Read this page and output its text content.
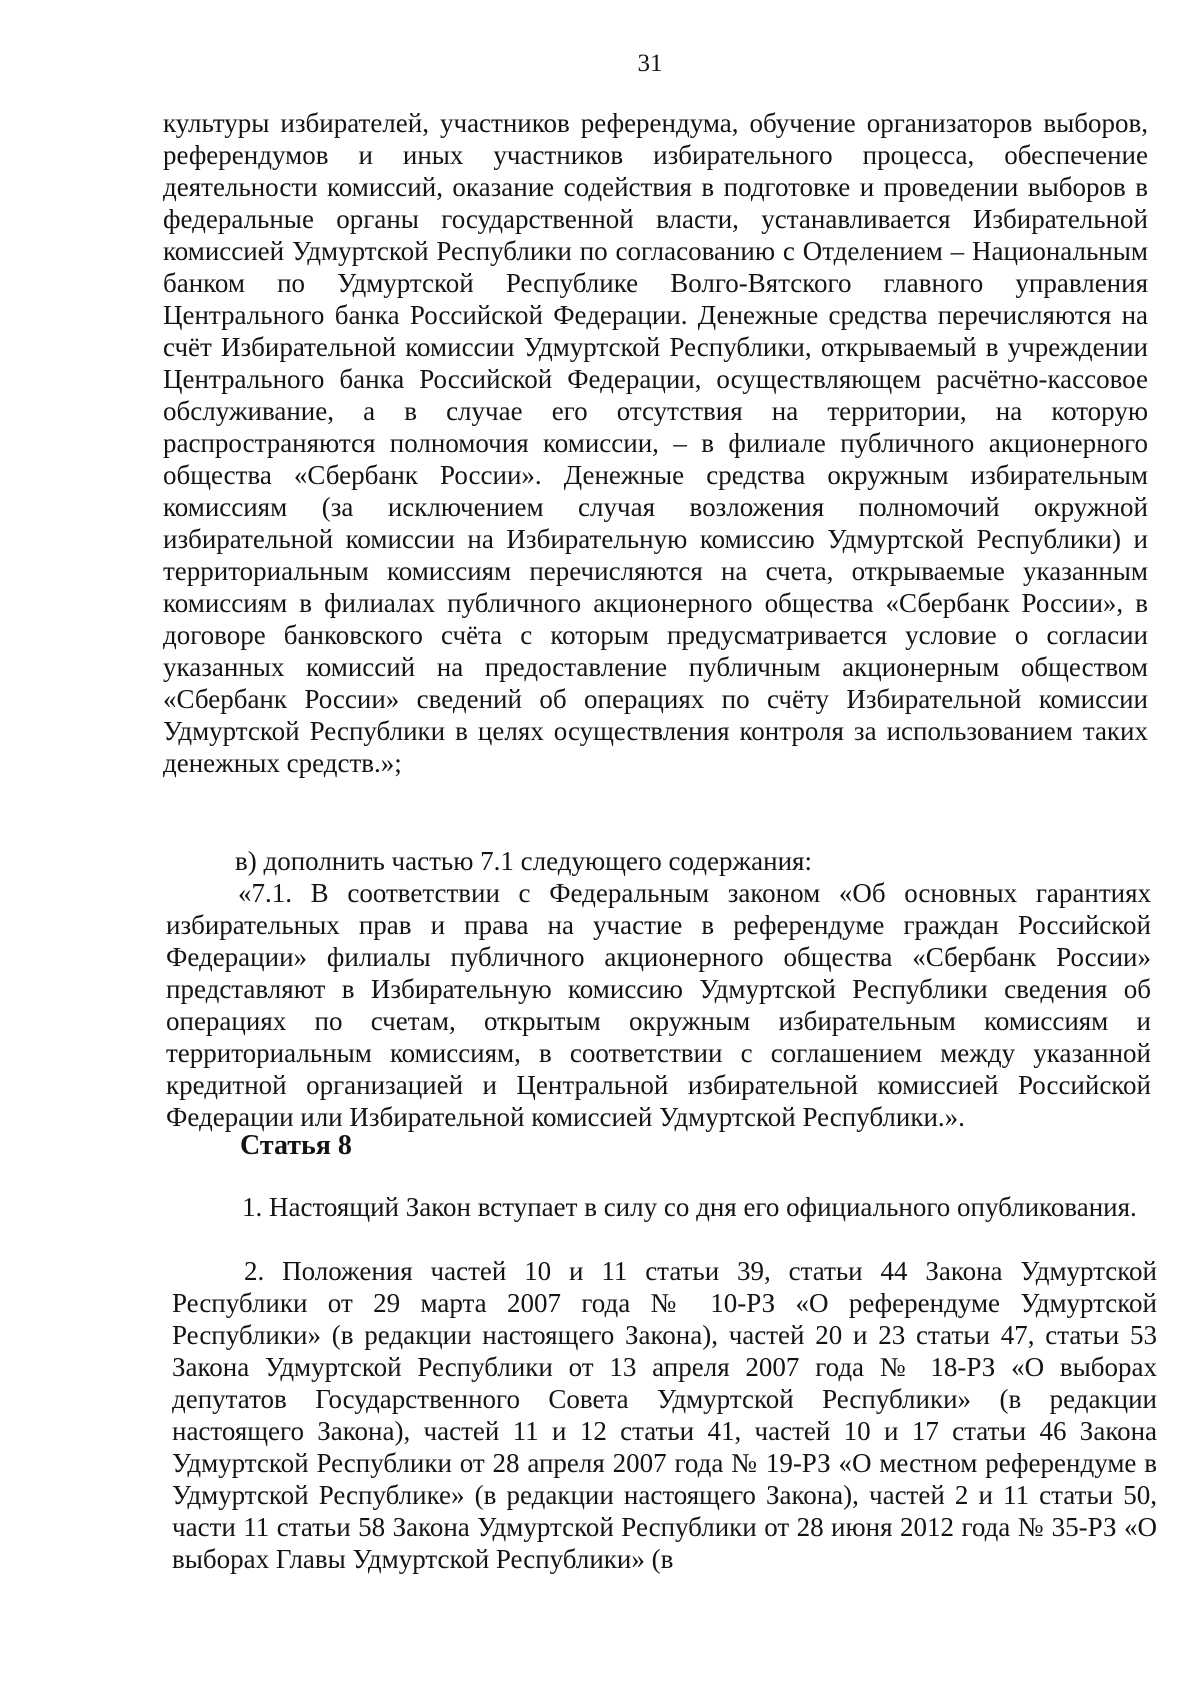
31

культуры избирателей, участников референдума, обучение организаторов выборов, референдумов и иных участников избирательного процесса, обеспечение деятельности комиссий, оказание содействия в подготовке и проведении выборов в федеральные органы государственной власти, устанавливается Избирательной комиссией Удмуртской Республики по согласованию с Отделением – Национальным банком по Удмуртской Республике Волго-Вятского главного управления Центрального банка Российской Федерации. Денежные средства перечисляются на счёт Избирательной комиссии Удмуртской Республики, открываемый в учреждении Центрального банка Российской Федерации, осуществляющем расчётно-кассовое обслуживание, а в случае его отсутствия на территории, на которую распространяются полномочия комиссии, – в филиале публичного акционерного общества «Сбербанк России». Денежные средства окружным избирательным комиссиям (за исключением случая возложения полномочий окружной избирательной комиссии на Избирательную комиссию Удмуртской Республики) и территориальным комиссиям перечисляются на счета, открываемые указанным комиссиям в филиалах публичного акционерного общества «Сбербанк России», в договоре банковского счёта с которым предусматривается условие о согласии указанных комиссий на предоставление публичным акционерным обществом «Сбербанк России» сведений об операциях по счёту Избирательной комиссии Удмуртской Республики в целях осуществления контроля за использованием таких денежных средств.»;

в) дополнить частью 7.1 следующего содержания:

«7.1. В соответствии с Федеральным законом «Об основных гарантиях избирательных прав и права на участие в референдуме граждан Российской Федерации» филиалы публичного акционерного общества «Сбербанк России» представляют в Избирательную комиссию Удмуртской Республики сведения об операциях по счетам, открытым окружным избирательным комиссиям и территориальным комиссиям, в соответствии с соглашением между указанной кредитной организацией и Центральной избирательной комиссией Российской Федерации или Избирательной комиссией Удмуртской Республики.».

Статья 8

1. Настоящий Закон вступает в силу со дня его официального опубликования.

2. Положения частей 10 и 11 статьи 39, статьи 44 Закона Удмуртской Республики от 29 марта 2007 года № 10-РЗ «О референдуме Удмуртской Республики» (в редакции настоящего Закона), частей 20 и 23 статьи 47, статьи 53 Закона Удмуртской Республики от 13 апреля 2007 года № 18-РЗ «О выборах депутатов Государственного Совета Удмуртской Республики» (в редакции настоящего Закона), частей 11 и 12 статьи 41, частей 10 и 17 статьи 46 Закона Удмуртской Республики от 28 апреля 2007 года № 19-РЗ «О местном референдуме в Удмуртской Республике» (в редакции настоящего Закона), частей 2 и 11 статьи 50, части 11 статьи 58 Закона Удмуртской Республики от 28 июня 2012 года № 35-РЗ «О выборах Главы Удмуртской Республики» (в
